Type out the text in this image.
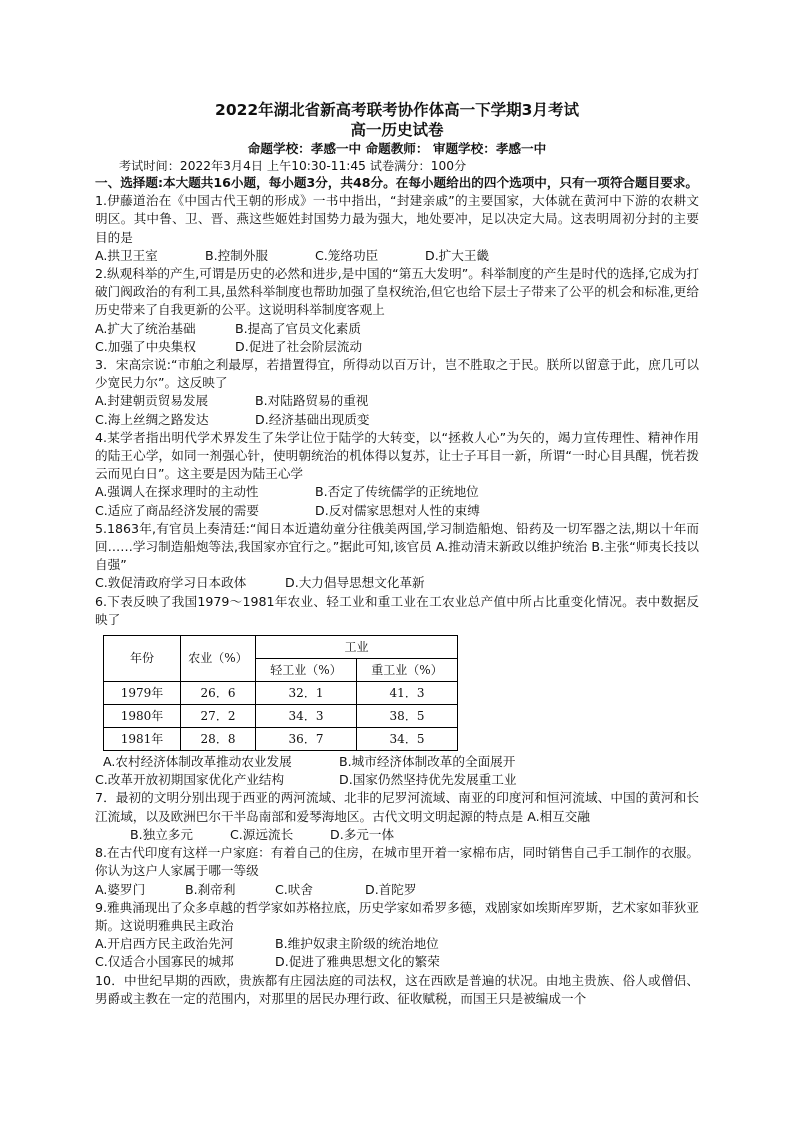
2022年湖北省新高考联考协作体高一下学期3月考试
高一历史试卷
命题学校：孝感一中 命题教师： 审题学校：孝感一中
考试时间：2022年3月4日 上午10:30-11:45 试卷满分：100分

一、选择题:本大题共16小题，每小题3分，共48分。在每小题给出的四个选项中，只有一项符合题目要求。

1.伊藤道治在《中国古代王朝的形成》一书中指出，“封建亲戚”的主要国家，大体就在黄河中下游的农耕文明区。其中鲁、卫、晋、燕这些姬姓封国势力最为强大，地处要冲，足以决定大局。这表明周初分封的主要目的是

A.拱卫王室	B.控制外服	C.笼络功臣	D.扩大王畿

2.纵观科举的产生,可谓是历史的必然和进步,是中国的“第五大发明”。科举制度的产生是时代的选择,它成为打破门阀政治的有利工具,虽然科举制度也帮助加强了皇权统治,但它也给下层士子带来了公平的机会和标准,更给历史带来了自我更新的公平。这说明科举制度客观上

A.扩大了统治基础	B.提高了官员文化素质
C.加强了中央集权	D.促进了社会阶层流动

3．宋高宗说:“市舶之利最厚，若措置得宜，所得动以百万计，岂不胜取之于民。朕所以留意于此，庶几可以少宽民力尔”。这反映了

A.封建朝贡贸易发展	B.对陆路贸易的重视
C.海上丝绸之路发达	D.经济基础出现质变

4.某学者指出明代学术界发生了朱学让位于陆学的大转变，以“拯救人心”为矢的，竭力宣传理性、精神作用的陆王心学，如同一剂强心针，使明朝统治的机体得以复苏，让士子耳目一新，所谓“一时心目具醒，恍若拨云而见白日”。这主要是因为陆王心学

A.强调人在探求理时的主动性	B.否定了传统儒学的正统地位
C.适应了商品经济发展的需要	D.反对儒家思想对人性的束缚

5.1863年,有官员上奏清廷:“闻日本近遣幼童分往俄美两国,学习制造船炮、铅药及一切军器之法,期以十年而回……学习制造船炮等法,我国家亦宜行之。”据此可知,该官员 A.推动清末新政以维护统治 B.主张“师夷长技以自强”

C.敦促清政府学习日本政体	D.大力倡导思想文化革新

6.下表反映了我国1979～1981年农业、轻工业和重工业在工农业总产值中所占比重变化情况。表中数据反映了

年份	农业（%）	工业	
		轻工业（%）	重工业（%）
1979年	26．6	32．1	41．3
1980年	27．2	34．3	38．5
1981年	28．8	36．7	34．5
A.农村经济体制改革推动农业发展	B.城市经济体制改革的全面展开
C.改革开放初期国家优化产业结构	D.国家仍然坚持优先发展重工业

7．最初的文明分别出现于西亚的两河流域、北非的尼罗河流域、南亚的印度河和恒河流域、中国的黄河和长江流域，以及欧洲巴尔干半岛南部和爱琴海地区。古代文明文明起源的特点是 A.相互交融

B.独立多元	C.源远流长	D.多元一体

8.在古代印度有这样一户家庭：有着自己的住房，在城市里开着一家棉布店，同时销售自己手工制作的衣服。你认为这户人家属于哪一等级

A.婆罗门	B.刹帝利	C.吠舍	D.首陀罗

9.雅典涌现出了众多卓越的哲学家如苏格拉底，历史学家如希罗多德，戏剧家如埃斯库罗斯，艺术家如菲狄亚斯。这说明雅典民主政治

A.开启西方民主政治先河	B.维护奴隶主阶级的统治地位
C.仅适合小国寡民的城邦	D.促进了雅典思想文化的繁荣

10．中世纪早期的西欧，贵族都有庄园法庭的司法权，这在西欧是普遍的状况。由地主贵族、俗人或僧侣、男爵或主教在一定的范围内，对那里的居民办理行政、征收赋税，而国王只是被编成一个
